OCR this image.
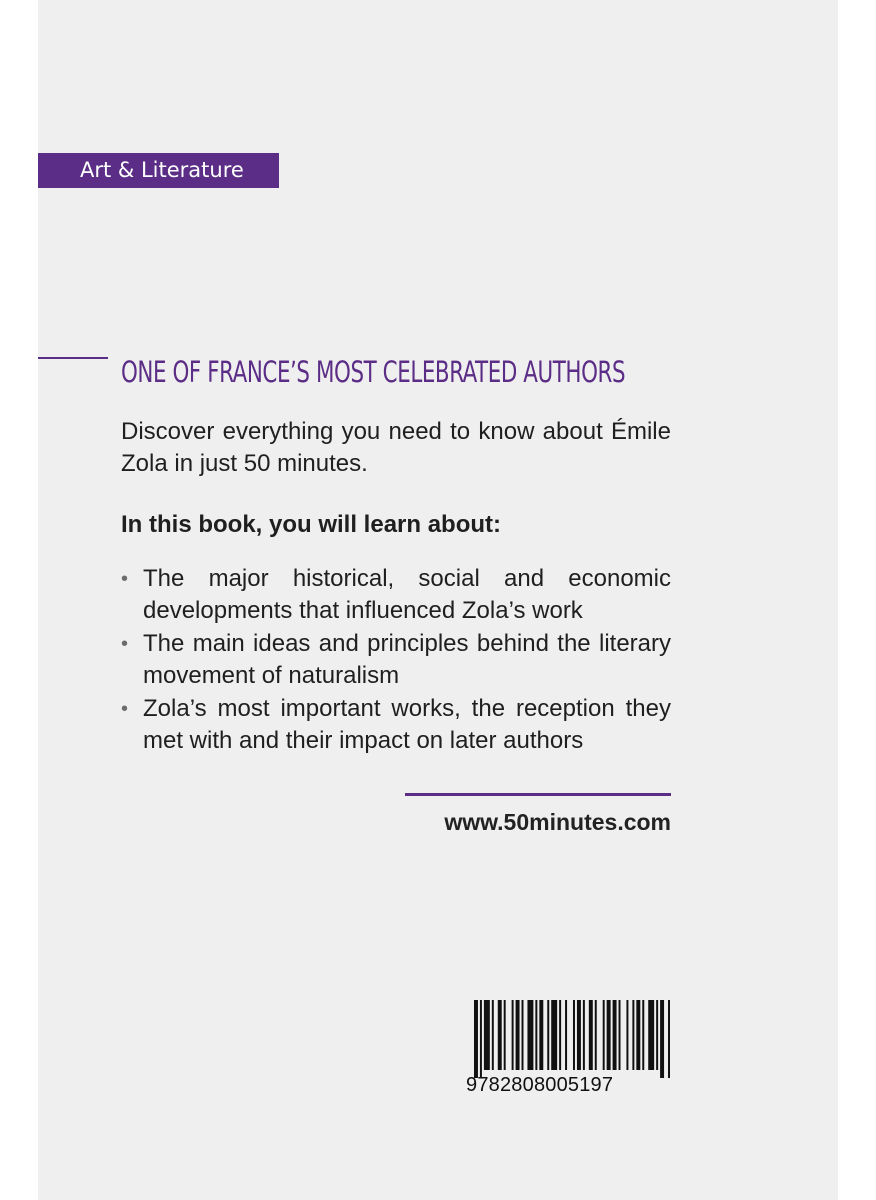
Art & Literature
ONE OF FRANCE’S MOST CELEBRATED AUTHORS

Discover everything you need to know about Émile Zola in just 50 minutes.

In this book, you will learn about:

• The major historical, social and economic developments that influenced Zola’s work
• The main ideas and principles behind the literary movement of naturalism
• Zola’s most important works, the reception they met with and their impact on later authors
www.50minutes.com
9782808005197
